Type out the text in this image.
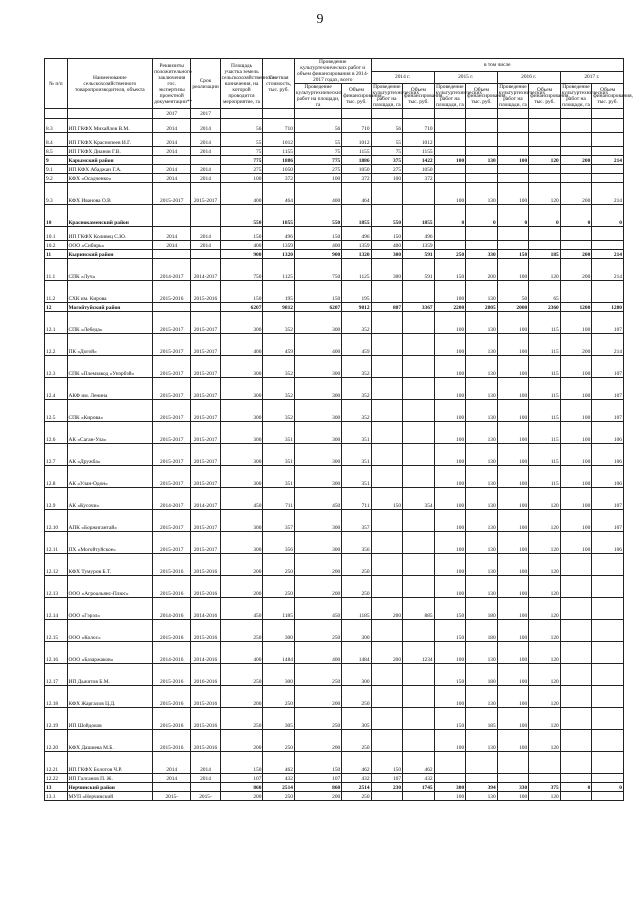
9
№ п/п	Наименование сельскохозяйственного товаропроизводителя, объекта	Реквизиты положительного заключения гос. экспертизы проектной документации**	Срок реализации	Площадь участка земель сельскохозяйственного назначения, на которой проводится мероприятие, га	Сметная стоимость, тыс. руб.	Проведение культуртехнических работ и объем финансирования в 2014-2017 годах, всего		в том числе							
								2014 г.		2015 г.		2016 г.		2017 г.	
						Проведение культуртехнических работ на площади, га	Объем финансирования, тыс. руб.	Проведение культуртехнических работ на площади, га	Объем финансирования, тыс. руб.	Проведение культуртехнических работ на площади, га	Объем финансирования, тыс. руб.	Проведение культуртехнических работ на площади, га	Объем финансирования, тыс. руб.	Проведение культуртехнических работ на площади, га	Объем финансирования, тыс. руб.
		2017	2017												
8.3	ИП ГКФХ Михайлов В.М.	2014	2014	56	710	56	710	56	710						
8.4	ИП ГКФХ Краснопеев И.Г.	2014	2014	55	1012	55	1012	55	1012						
8.5	ИП ГКФХ Дианов Г.В.	2014	2014	75	1155	75	1155	75	1155						
9	Карымский район			775	1886	775	1886	375	1422	100	130	100	120	200	214
9.1	ИП КФХ Абаджан Г.А.	2014	2014	275	1050	275	1050	275	1050						
9.2	КФХ «Осадченко»	2014	2014	100	372	100	372	100	372						
9.3	КФХ Иванова О.В	2015-2017	2015-2017	400	464	400	464			100	130	100	120	200	214
10	Краснокаменский район			550	1855	550	1855	550	1855	0	0	0	0	0	0
10.1	ИП ГКФХ Коливец С.Ю.	2014	2014	150	496	150	496	150	496						
10.2	ООО «Сибирь»	2014	2014	400	1359	400	1359	400	1359						
11	Кыринский район			900	1320	900	1320	300	591	250	330	150	185	200	214
11.1	СПК «Луч»	2014-2017	2014-2017	750	1125	750	1125	300	591	150	200	100	120	200	214
11.2	СХК им. Кирова	2015-2016	2015-2016	150	195	150	195			100	130	50	65		
12	Могойтуйский район			6207	9812	6207	9812	807	3367	2200	2805	2000	2360	1200	1280
12.1	СПК «Лебеда»	2015-2017	2015-2017	300	352	300	352			100	130	100	115	100	107
12.2	ПК «Догой»	2015-2017	2015-2017	400	459	400	459			100	130	100	115	200	214
12.3	СПК «Племзавод «Унэрбэй»	2015-2017	2015-2017	300	352	300	352			100	130	100	115	100	107
12.4	АКФ им. Ленина	2015-2017	2015-2017	300	352	300	352			100	130	100	115	100	107
12.5	СПК «Кирова»	2015-2017	2015-2017	300	352	300	352			100	130	100	115	100	107
12.6	АК «Саган-Ула»	2015-2017	2015-2017	300	351	300	351			100	130	100	115	100	106
12.7	АК «Дружба»	2015-2017	2015-2017	300	351	300	351			100	130	100	115	100	106
12.8	АК «Улан-Одон»	2015-2017	2015-2017	300	351	300	351			100	130	100	115	100	106
12.9	АК «Кусочи»	2014-2017	2014-2017	450	711	450	711	150	354	100	130	100	120	100	107
12.10	АПК «Боржигантай»	2015-2017	2015-2017	300	357	300	357			100	130	100	120	100	107
12.11	ПХ «Могойтуйское»	2015-2017	2015-2017	300	356	300	356			100	130	100	120	100	106
12.12	КФХ Тумуров Б.Т.	2015-2016	2015-2016	200	250	200	250			100	130	100	120		
12.13	ООО «Агроальянс-Плюс»	2015-2016	2015-2016	200	250	200	250			100	130	100	120		
12.14	ООО «Гэрэл»	2014-2016	2014-2016	450	1185	450	1185	200	885	150	180	100	120		
12.15	ООО «Колос»	2015-2016	2015-2016	250	300	250	300			150	180	100	120		
12.16	ООО «Базаржаков»	2014-2016	2014-2016	400	1484	400	1484	200	1234	100	130	100	120		
12.17	ИП Дьжитов Б.М.	2015-2016	2016-2016	250	300	250	300			150	180	100	120		
12.18	КФХ Жаргалов Ц.Д.	2015-2016	2015-2016	200	250	200	250			100	130	100	120		
12.19	ИП Шойдоков	2015-2016	2015-2016	250	305	250	305			150	185	100	120		
12.20	КФХ Дашиева М.Б.	2015-2016	2015-2016	200	250	200	250			100	130	100	120		
12.21	ИП ГКФХ Болотов Ч.Р.	2014	2014	150	462	150	462	150	462						
12.22	ИП Галсанов П. Ж.	2014	2014	107	432	107	432	107	432						
13	Нерчинский район			860	2514	860	2514	230	1745	300	394	330	375	0	0
13.1	МУП «Нерчинский	2015-	2015-	200	250	200	250			100	130	100	120		
